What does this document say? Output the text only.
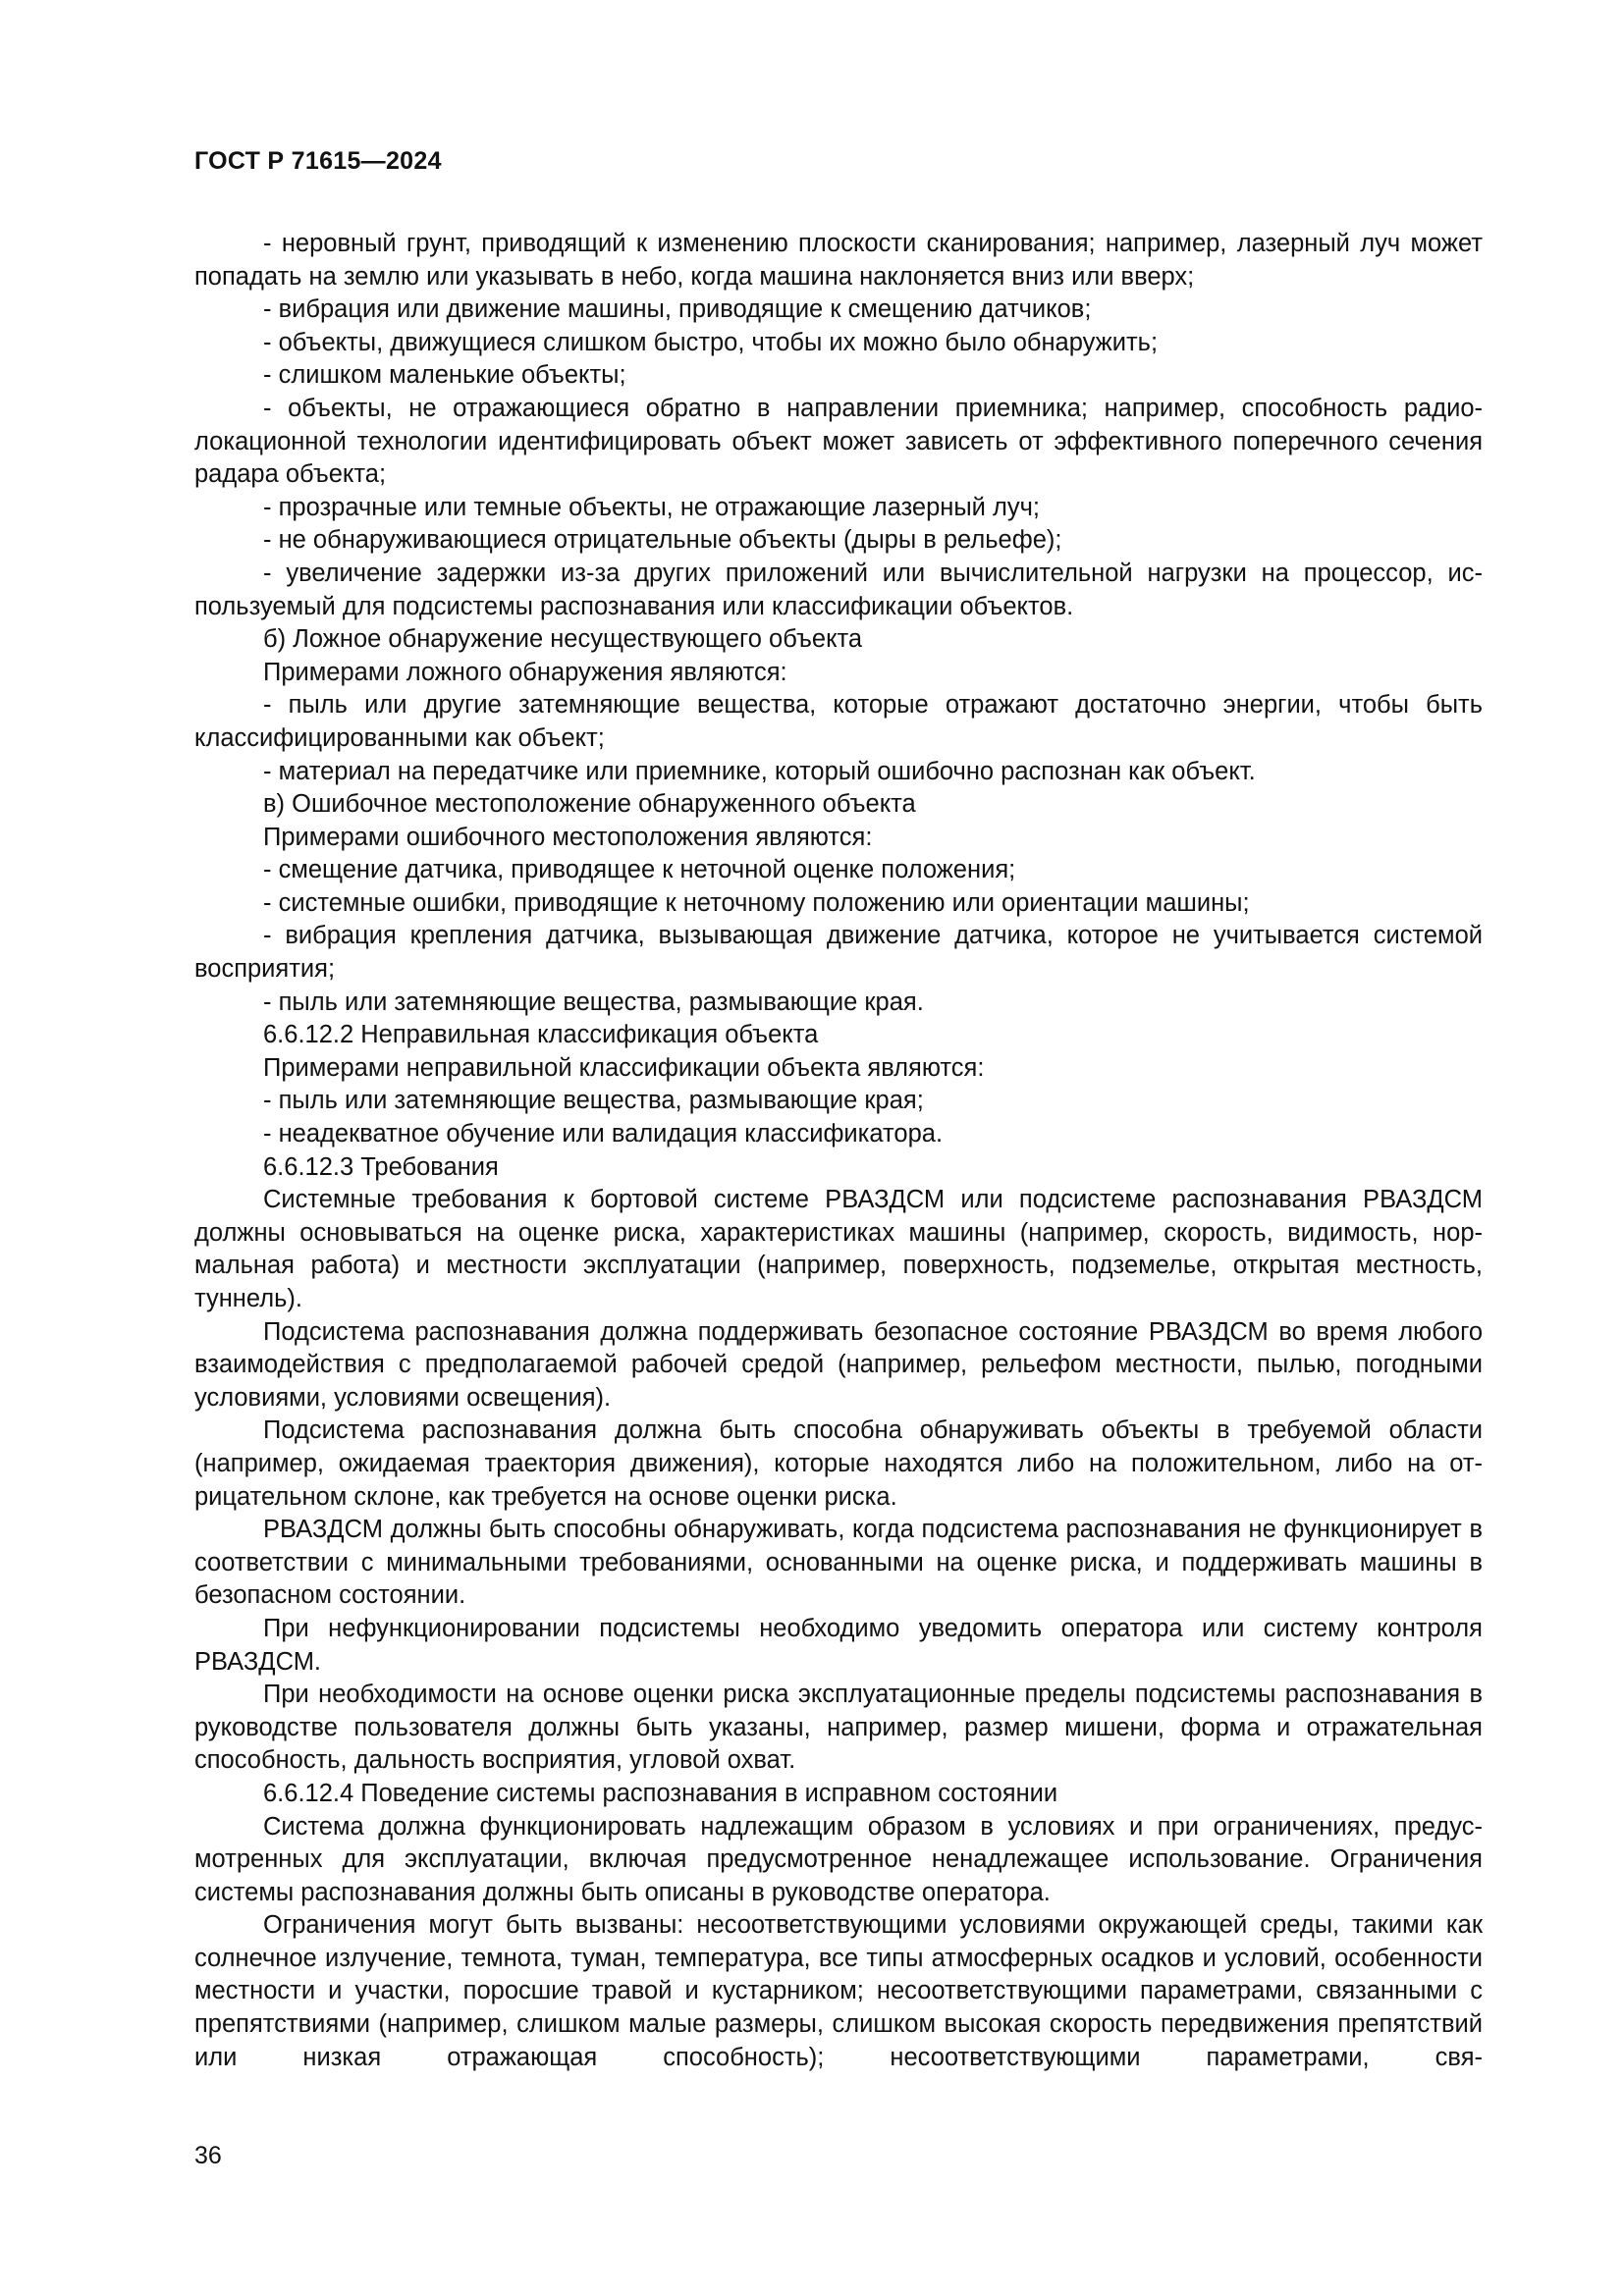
ГОСТ Р 71615—2024

- неровный грунт, приводящий к изменению плоскости сканирования; например, лазерный луч может попадать на землю или указывать в небо, когда машина наклоняется вниз или вверх;

- вибрация или движение машины, приводящие к смещению датчиков;

- объекты, движущиеся слишком быстро, чтобы их можно было обнаружить;

- слишком маленькие объекты;

- объекты, не отражающиеся обратно в направлении приемника; например, способность радиолокационной технологии идентифицировать объект может зависеть от эффективного поперечного сечения радара объекта;

- прозрачные или темные объекты, не отражающие лазерный луч;

- не обнаруживающиеся отрицательные объекты (дыры в рельефе);

- увеличение задержки из-за других приложений или вычислительной нагрузки на процессор, используемый для подсистемы распознавания или классификации объектов.

б) Ложное обнаружение несуществующего объекта

Примерами ложного обнаружения являются:

- пыль или другие затемняющие вещества, которые отражают достаточно энергии, чтобы быть классифицированными как объект;

- материал на передатчике или приемнике, который ошибочно распознан как объект.

в) Ошибочное местоположение обнаруженного объекта

Примерами ошибочного местоположения являются:

- смещение датчика, приводящее к неточной оценке положения;

- системные ошибки, приводящие к неточному положению или ориентации машины;

- вибрация крепления датчика, вызывающая движение датчика, которое не учитывается системой восприятия;

- пыль или затемняющие вещества, размывающие края.

6.6.12.2 Неправильная классификация объекта

Примерами неправильной классификации объекта являются:

- пыль или затемняющие вещества, размывающие края;

- неадекватное обучение или валидация классификатора.

6.6.12.3 Требования

Системные требования к бортовой системе РВАЗДСМ или подсистеме распознавания РВАЗДСМ должны основываться на оценке риска, характеристиках машины (например, скорость, видимость, нормальная работа) и местности эксплуатации (например, поверхность, подземелье, открытая местность, туннель).

Подсистема распознавания должна поддерживать безопасное состояние РВАЗДСМ во время любого взаимодействия с предполагаемой рабочей средой (например, рельефом местности, пылью, погодными условиями, условиями освещения).

Подсистема распознавания должна быть способна обнаруживать объекты в требуемой области (например, ожидаемая траектория движения), которые находятся либо на положительном, либо на отрицательном склоне, как требуется на основе оценки риска.

РВАЗДСМ должны быть способны обнаруживать, когда подсистема распознавания не функционирует в соответствии с минимальными требованиями, основанными на оценке риска, и поддерживать машины в безопасном состоянии.

При нефункционировании подсистемы необходимо уведомить оператора или систему контроля РВАЗДСМ.

При необходимости на основе оценки риска эксплуатационные пределы подсистемы распознавания в руководстве пользователя должны быть указаны, например, размер мишени, форма и отражательная способность, дальность восприятия, угловой охват.

6.6.12.4 Поведение системы распознавания в исправном состоянии

Система должна функционировать надлежащим образом в условиях и при ограничениях, предусмотренных для эксплуатации, включая предусмотренное ненадлежащее использование. Ограничения системы распознавания должны быть описаны в руководстве оператора.

Ограничения могут быть вызваны: несоответствующими условиями окружающей среды, такими как солнечное излучение, темнота, туман, температура, все типы атмосферных осадков и условий, особенности местности и участки, поросшие травой и кустарником; несоответствующими параметрами, связанными с препятствиями (например, слишком малые размеры, слишком высокая скорость передвижения препятствий или низкая отражающая способность); несоответствующими параметрами, свя-

36
